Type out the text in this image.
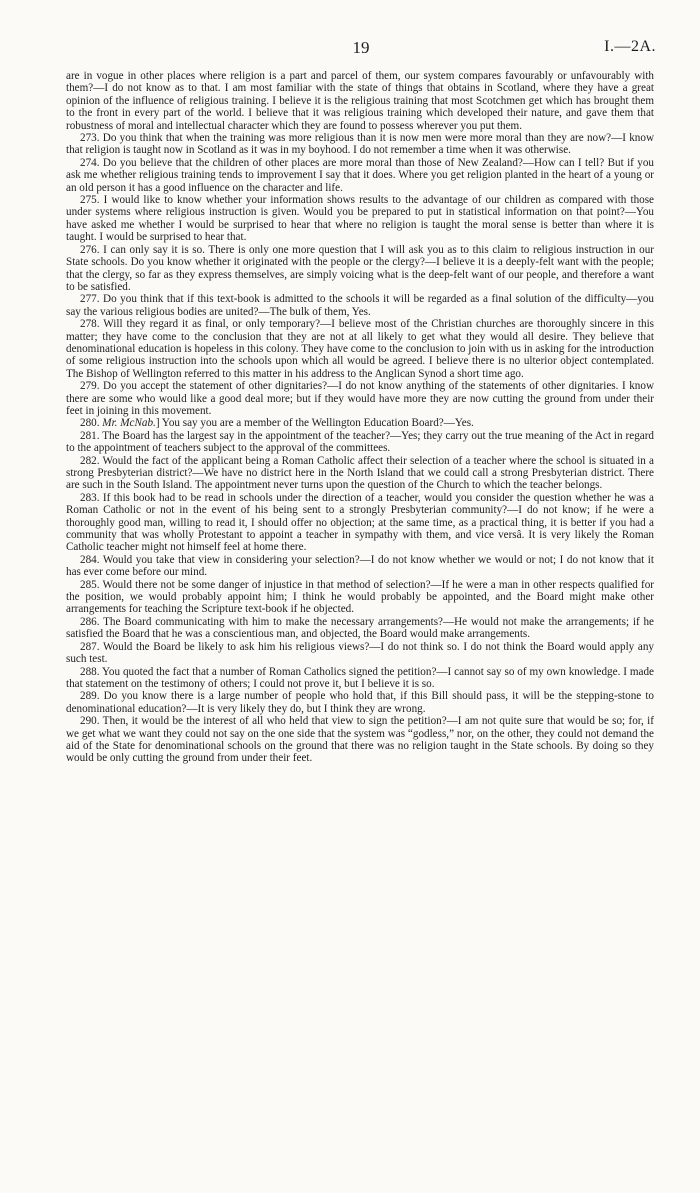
19	I.—2A.

are in vogue in other places where religion is a part and parcel of them, our system compares favourably or unfavourably with them?—I do not know as to that. I am most familiar with the state of things that obtains in Scotland, where they have a great opinion of the influence of religious training. I believe it is the religious training that most Scotchmen get which has brought them to the front in every part of the world. I believe that it was religious training which developed their nature, and gave them that robustness of moral and intellectual character which they are found to possess wherever you put them.

273. Do you think that when the training was more religious than it is now men were more moral than they are now?—I know that religion is taught now in Scotland as it was in my boyhood. I do not remember a time when it was otherwise.

274. Do you believe that the children of other places are more moral than those of New Zealand?—How can I tell? But if you ask me whether religious training tends to improvement I say that it does. Where you get religion planted in the heart of a young or an old person it has a good influence on the character and life.

275. I would like to know whether your information shows results to the advantage of our children as compared with those under systems where religious instruction is given. Would you be prepared to put in statistical information on that point?—You have asked me whether I would be surprised to hear that where no religion is taught the moral sense is better than where it is taught. I would be surprised to hear that.

276. I can only say it is so. There is only one more question that I will ask you as to this claim to religious instruction in our State schools. Do you know whether it originated with the people or the clergy?—I believe it is a deeply-felt want with the people; that the clergy, so far as they express themselves, are simply voicing what is the deep-felt want of our people, and therefore a want to be satisfied.

277. Do you think that if this text-book is admitted to the schools it will be regarded as a final solution of the difficulty—you say the various religious bodies are united?—The bulk of them, Yes.

278. Will they regard it as final, or only temporary?—I believe most of the Christian churches are thoroughly sincere in this matter; they have come to the conclusion that they are not at all likely to get what they would all desire. They believe that denominational education is hopeless in this colony. They have come to the conclusion to join with us in asking for the introduction of some religious instruction into the schools upon which all would be agreed. I believe there is no ulterior object contemplated. The Bishop of Wellington referred to this matter in his address to the Anglican Synod a short time ago.

279. Do you accept the statement of other dignitaries?—I do not know anything of the statements of other dignitaries. I know there are some who would like a good deal more; but if they would have more they are now cutting the ground from under their feet in joining in this movement.

280. Mr. McNab.] You say you are a member of the Wellington Education Board?—Yes.

281. The Board has the largest say in the appointment of the teacher?—Yes; they carry out the true meaning of the Act in regard to the appointment of teachers subject to the approval of the committees.

282. Would the fact of the applicant being a Roman Catholic affect their selection of a teacher where the school is situated in a strong Presbyterian district?—We have no district here in the North Island that we could call a strong Presbyterian district. There are such in the South Island. The appointment never turns upon the question of the Church to which the teacher belongs.

283. If this book had to be read in schools under the direction of a teacher, would you consider the question whether he was a Roman Catholic or not in the event of his being sent to a strongly Presbyterian community?—I do not know; if he were a thoroughly good man, willing to read it, I should offer no objection; at the same time, as a practical thing, it is better if you had a community that was wholly Protestant to appoint a teacher in sympathy with them, and vice versâ. It is very likely the Roman Catholic teacher might not himself feel at home there.

284. Would you take that view in considering your selection?—I do not know whether we would or not; I do not know that it has ever come before our mind.

285. Would there not be some danger of injustice in that method of selection?—If he were a man in other respects qualified for the position, we would probably appoint him; I think he would probably be appointed, and the Board might make other arrangements for teaching the Scripture text-book if he objected.

286. The Board communicating with him to make the necessary arrangements?—He would not make the arrangements; if he satisfied the Board that he was a conscientious man, and objected, the Board would make arrangements.

287. Would the Board be likely to ask him his religious views?—I do not think so. I do not think the Board would apply any such test.

288. You quoted the fact that a number of Roman Catholics signed the petition?—I cannot say so of my own knowledge. I made that statement on the testimony of others; I could not prove it, but I believe it is so.

289. Do you know there is a large number of people who hold that, if this Bill should pass, it will be the stepping-stone to denominational education?—It is very likely they do, but I think they are wrong.

290. Then, it would be the interest of all who held that view to sign the petition?—I am not quite sure that would be so; for, if we get what we want they could not say on the one side that the system was “godless,” nor, on the other, they could not demand the aid of the State for denominational schools on the ground that there was no religion taught in the State schools. By doing so they would be only cutting the ground from under their feet.
